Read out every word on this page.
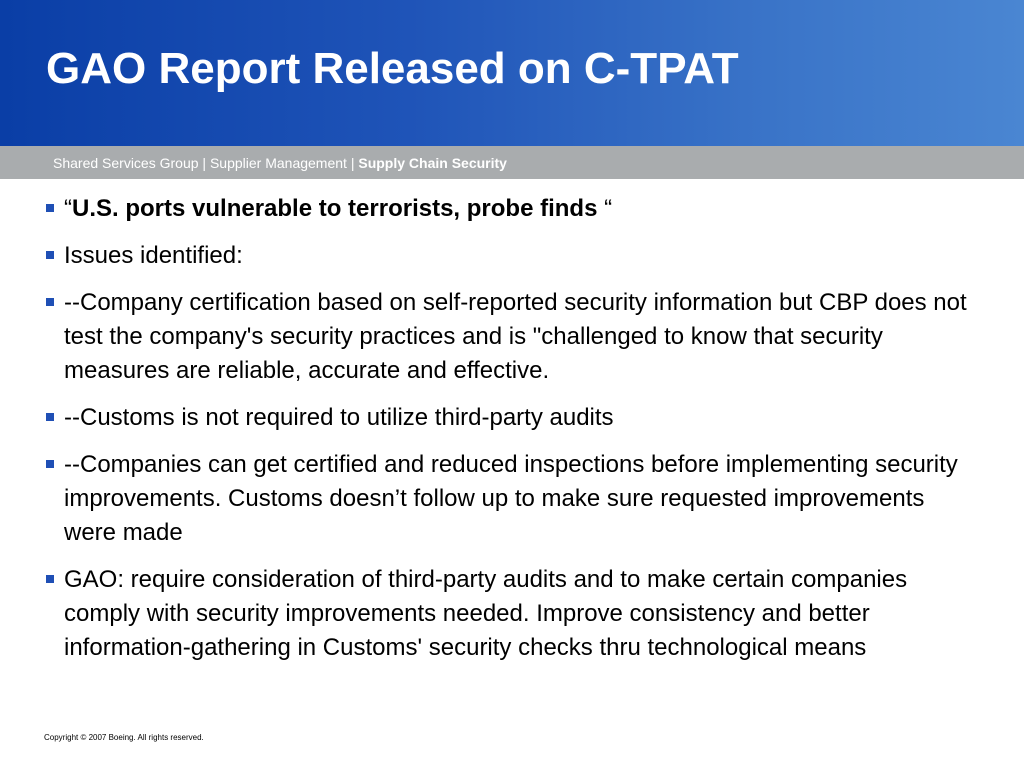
GAO Report Released on C-TPAT
Shared Services Group | Supplier Management | Supply Chain Security
“U.S. ports vulnerable to terrorists, probe finds “
Issues identified:
--Company certification based on self-reported security information but CBP does not test the company's security practices and is "challenged to know that security measures are reliable, accurate and effective.
--Customs is not required to utilize third-party audits
--Companies can get certified and reduced inspections before implementing security improvements. Customs doesn’t follow up to make sure requested improvements were made
GAO: require consideration of third-party audits and to make certain companies comply with security improvements needed. Improve consistency and better information-gathering in Customs' security checks thru technological means
Copyright © 2007 Boeing. All rights reserved.
